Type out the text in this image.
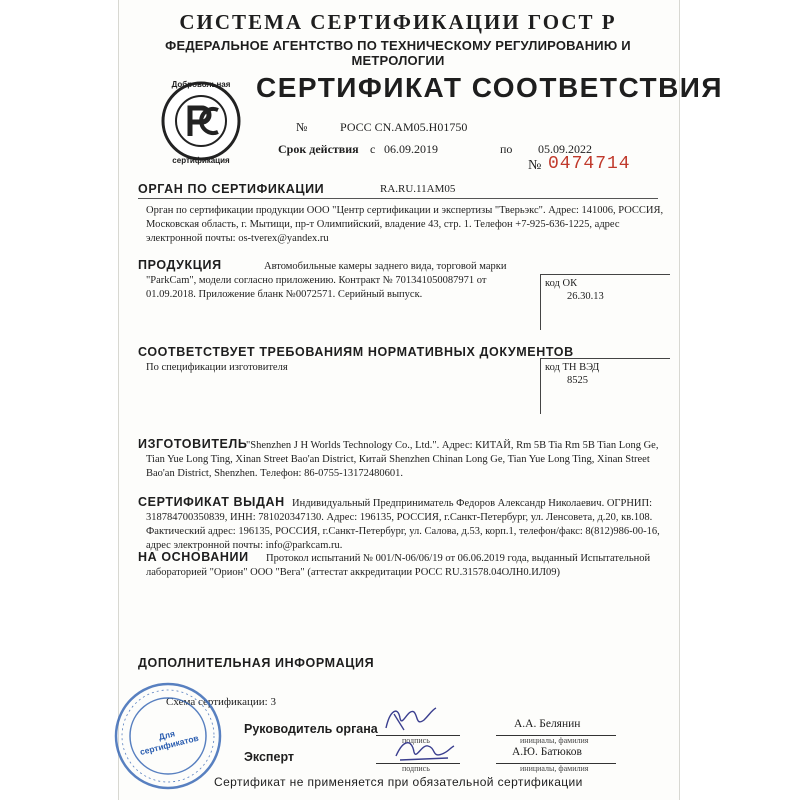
СИСТЕМА СЕРТИФИКАЦИИ ГОСТ Р
ФЕДЕРАЛЬНОЕ АГЕНТСТВО ПО ТЕХНИЧЕСКОМУ РЕГУЛИРОВАНИЮ И МЕТРОЛОГИИ
Добровольная
сертификация
СЕРТИФИКАТ СООТВЕТСТВИЯ
№	РОСС CN.AM05.H01750
Срок действия с 06.09.2019	по 05.09.2022
№ 0474714
ОРГАН ПО СЕРТИФИКАЦИИ	RA.RU.11AM05
Орган по сертификации продукции ООО "Центр сертификации и экспертизы "Тверьэкс". Адрес: 141006, РОССИЯ, Московская область, г. Мытищи, пр-т Олимпийский, владение 43, стр. 1. Телефон +7-925-636-1225, адрес электронной почты: os-tverex@yandex.ru
ПРОДУКЦИЯ	Автомобильные камеры заднего вида, торговой марки "ParkCam", модели согласно приложению. Контракт № 701341050087971 от 01.09.2018. Приложение бланк №0072571. Серийный выпуск.
код ОК
26.30.13
СООТВЕТСТВУЕТ ТРЕБОВАНИЯМ НОРМАТИВНЫХ ДОКУМЕНТОВ
По спецификации изготовителя	код ТН ВЭД
8525
ИЗГОТОВИТЕЛЬ
"Shenzhen J H Worlds Technology Co., Ltd.". Адрес: КИТАЙ, Rm 5B Tia Rm 5B Tian Long Ge, Tian Yue Long Ting, Xinan Street Bao'an District, Китай Shenzhen Chinan Long Ge, Tian Yue Long Ting, Xinan Street Bao'an District, Shenzhen. Телефон: 86-0755-13172480601.
СЕРТИФИКАТ ВЫДАН Индивидуальный Предприниматель Федоров Александр Николаевич. ОГРНИП: 318784700350839, ИНН: 781020347130. Адрес: 196135, РОССИЯ, г.Санкт-Петербург, ул. Ленсовета, д.20, кв.108. Фактический адрес: 196135, РОССИЯ, г.Санкт-Петербург, ул. Салова, д.53, корп.1, телефон/факс: 8(812)986-00-16, адрес электронной почты: info@parkcam.ru.
НА ОСНОВАНИИ	Протокол испытаний № 001/N-06/06/19 от 06.06.2019 года, выданный Испытательной лабораторией "Орион" ООО "Вега" (аттестат аккредитации РОСС RU.31578.04ОЛН0.ИЛ09)
ДОПОЛНИТЕЛЬНАЯ ИНФОРМАЦИЯ
Схема сертификации: 3
Руководитель органа
подпись
А.А. Белянин
инициалы, фамилия
Эксперт
подпись
А.Ю. Батюков
инициалы, фамилия
Для сертификатов
Сертификат не применяется при обязательной сертификации
